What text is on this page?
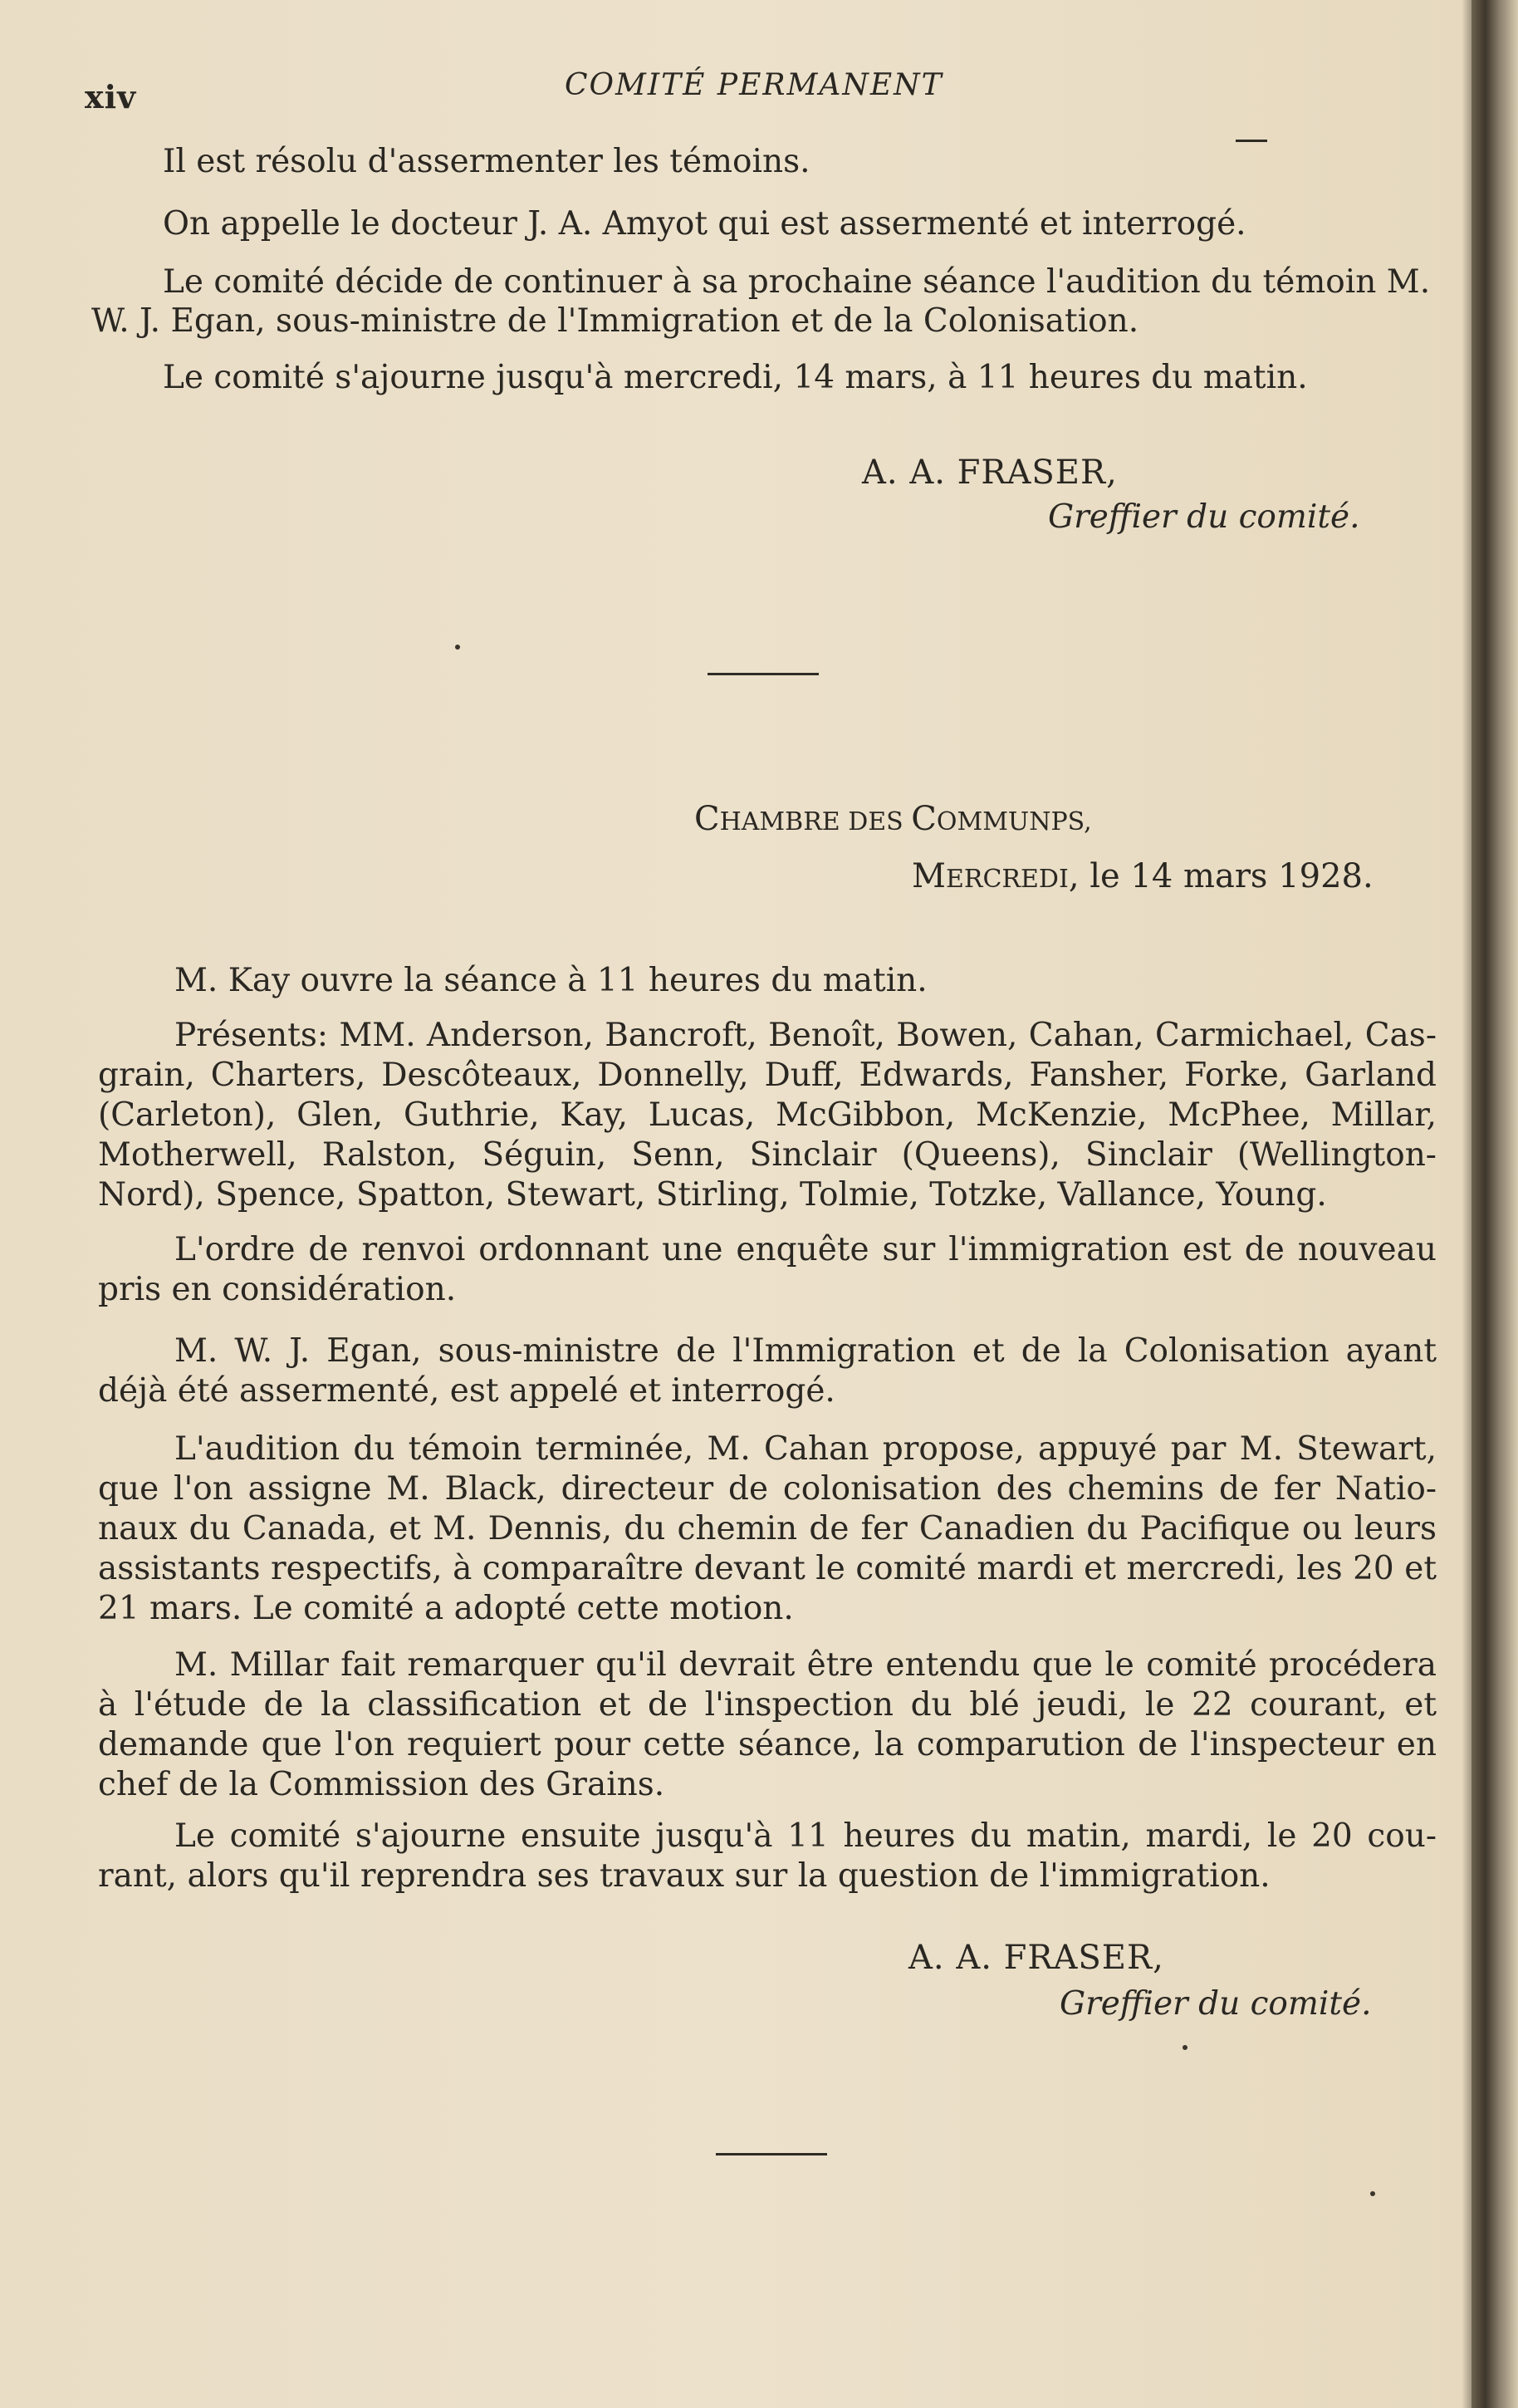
xiv	COMITÉ PERMANENT
Il est résolu d'assermenter les témoins.
On appelle le docteur J. A. Amyot qui est assermenté et interrogé.
Le comité décide de continuer à sa prochaine séance l'audition du témoin M.
W. J. Egan, sous-ministre de l'Immigration et de la Colonisation.
Le comité s'ajourne jusqu'à mercredi, 14 mars, à 11 heures du matin.
A. A. FRASER,
Greffier du comité.
CHAMBRE DES COMMUNPS,
MERCREDI, le 14 mars 1928.
M. Kay ouvre la séance à 11 heures du matin.
Présents: MM. Anderson, Bancroft, Benoît, Bowen, Cahan, Carmichael, Cas-
grain, Charters, Descôteaux, Donnelly, Duff, Edwards, Fansher, Forke, Garland
(Carleton), Glen, Guthrie, Kay, Lucas, McGibbon, McKenzie, McPhee, Millar,
Motherwell, Ralston, Séguin, Senn, Sinclair (Queens), Sinclair (Wellington-
Nord), Spence, Spatton, Stewart, Stirling, Tolmie, Totzke, Vallance, Young.
L'ordre de renvoi ordonnant une enquête sur l'immigration est de nouveau
pris en considération.
M. W. J. Egan, sous-ministre de l'Immigration et de la Colonisation ayant
déjà été assermenté, est appelé et interrogé.
L'audition du témoin terminée, M. Cahan propose, appuyé par M. Stewart,
que l'on assigne M. Black, directeur de colonisation des chemins de fer Natio-
naux du Canada, et M. Dennis, du chemin de fer Canadien du Pacifique ou leurs
assistants respectifs, à comparaître devant le comité mardi et mercredi, les 20 et
21 mars. Le comité a adopté cette motion.
M. Millar fait remarquer qu'il devrait être entendu que le comité procédera
à l'étude de la classification et de l'inspection du blé jeudi, le 22 courant, et
demande que l'on requiert pour cette séance, la comparution de l'inspecteur en
chef de la Commission des Grains.
Le comité s'ajourne ensuite jusqu'à 11 heures du matin, mardi, le 20 cou-
rant, alors qu'il reprendra ses travaux sur la question de l'immigration.
A. A. FRASER,
Greffier du comité.
